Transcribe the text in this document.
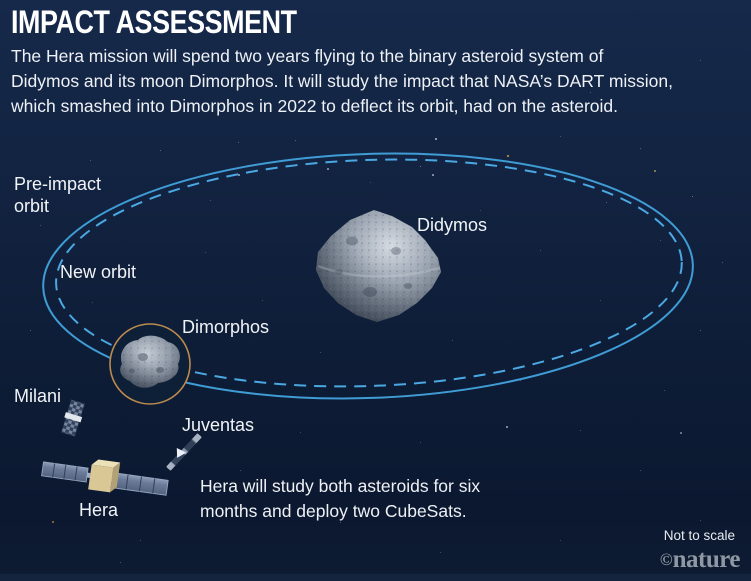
IMPACT ASSESSMENT
The Hera mission will spend two years flying to the binary asteroid system of
Didymos and its moon Dimorphos. It will study the impact that NASA’s DART mission,
which smashed into Dimorphos in 2022 to deflect its orbit, had on the asteroid.
Pre-impact orbit
New orbit
Didymos
Dimorphos
Milani
Juventas
Hera
Hera will study both asteroids for six
months and deploy two CubeSats.
Not to scale
©nature
